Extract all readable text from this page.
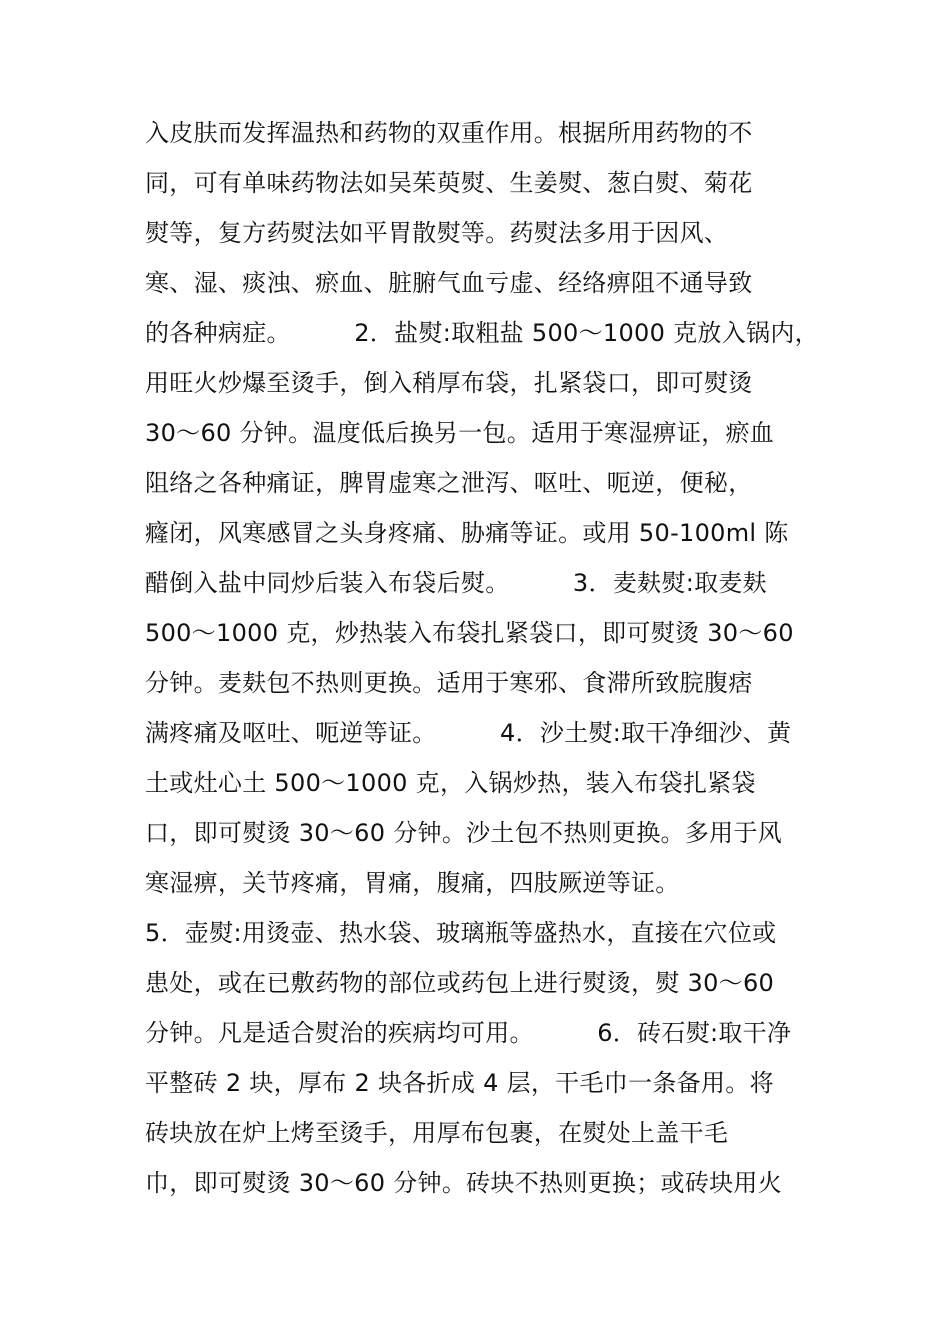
入皮肤而发挥温热和药物的双重作用。根据所用药物的不
同，可有单味药物法如吴茱萸熨、生姜熨、葱白熨、菊花
熨等，复方药熨法如平胃散熨等。药熨法多用于因风、
寒、湿、痰浊、瘀血、脏腑气血亏虚、经络痹阻不通导致
的各种病症。        2．盐熨:取粗盐 500～1000 克放入锅内，
用旺火炒爆至烫手，倒入稍厚布袋，扎紧袋口，即可熨烫
30～60 分钟。温度低后换另一包。适用于寒湿痹证，瘀血
阻络之各种痛证，脾胃虚寒之泄泻、呕吐、呃逆，便秘，
癃闭，风寒感冒之头身疼痛、胁痛等证。或用 50-100ml 陈
醋倒入盐中同炒后装入布袋后熨。        3．麦麸熨:取麦麸
500～1000 克，炒热装入布袋扎紧袋口，即可熨烫 30～60
分钟。麦麸包不热则更换。适用于寒邪、食滞所致脘腹痞
满疼痛及呕吐、呃逆等证。        4．沙土熨:取干净细沙、黄
土或灶心土 500～1000 克，入锅炒热，装入布袋扎紧袋
口，即可熨烫 30～60 分钟。沙土包不热则更换。多用于风
寒湿痹，关节疼痛，胃痛，腹痛，四肢厥逆等证。
5．壶熨:用烫壶、热水袋、玻璃瓶等盛热水，直接在穴位或
患处，或在已敷药物的部位或药包上进行熨烫，熨 30～60
分钟。凡是适合熨治的疾病均可用。        6．砖石熨:取干净
平整砖 2 块，厚布 2 块各折成 4 层，干毛巾一条备用。将
砖块放在炉上烤至烫手，用厚布包裹，在熨处上盖干毛
巾，即可熨烫 30～60 分钟。砖块不热则更换；或砖块用火
